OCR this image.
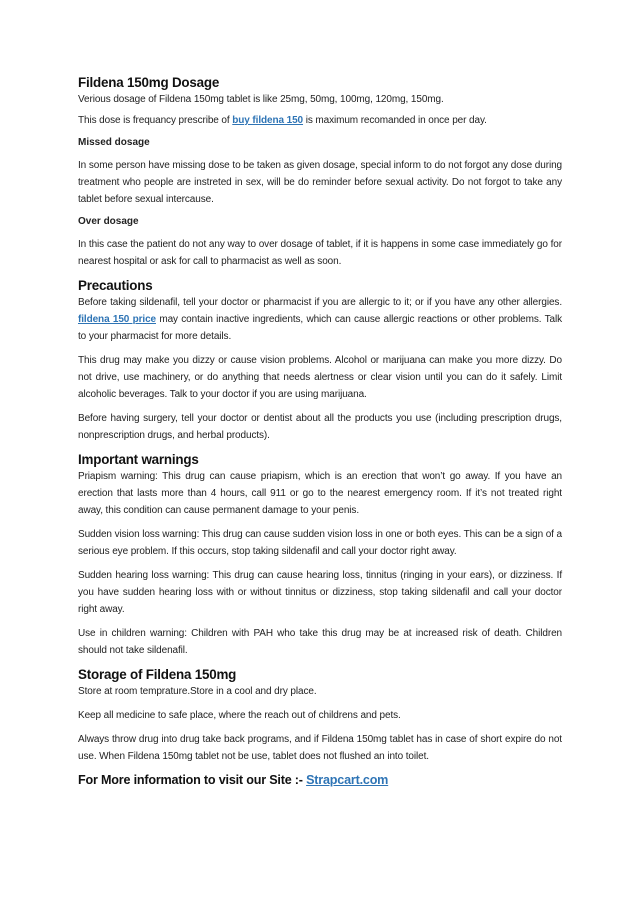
Fildena 150mg Dosage

Verious dosage of Fildena 150mg tablet is like 25mg, 50mg, 100mg, 120mg, 150mg.

This dose is frequancy prescribe of buy fildena 150 is maximum recomanded in once per day.

Missed dosage

In some person have missing dose to be taken as given dosage, special inform to do not forgot any dose during treatment who people are instreted in sex, will be do reminder before sexual activity. Do not forgot to take any tablet before sexual intercause.

Over dosage

In this case the patient do not any way to over dosage of tablet, if it is happens in some case immediately go for nearest hospital or ask for call to pharmacist as well as soon.

Precautions

Before taking sildenafil, tell your doctor or pharmacist if you are allergic to it; or if you have any other allergies. fildena 150 price may contain inactive ingredients, which can cause allergic reactions or other problems. Talk to your pharmacist for more details.

This drug may make you dizzy or cause vision problems. Alcohol or marijuana can make you more dizzy. Do not drive, use machinery, or do anything that needs alertness or clear vision until you can do it safely. Limit alcoholic beverages. Talk to your doctor if you are using marijuana.

Before having surgery, tell your doctor or dentist about all the products you use (including prescription drugs, nonprescription drugs, and herbal products).

Important warnings

Priapism warning: This drug can cause priapism, which is an erection that won’t go away. If you have an erection that lasts more than 4 hours, call 911 or go to the nearest emergency room. If it’s not treated right away, this condition can cause permanent damage to your penis.

Sudden vision loss warning: This drug can cause sudden vision loss in one or both eyes. This can be a sign of a serious eye problem. If this occurs, stop taking sildenafil and call your doctor right away.

Sudden hearing loss warning: This drug can cause hearing loss, tinnitus (ringing in your ears), or dizziness. If you have sudden hearing loss with or without tinnitus or dizziness, stop taking sildenafil and call your doctor right away.

Use in children warning: Children with PAH who take this drug may be at increased risk of death. Children should not take sildenafil.

Storage of Fildena 150mg

Store at room temprature.Store in a cool and dry place.

Keep all medicine to safe place, where the reach out of childrens and pets.

Always throw drug into drug take back programs, and if Fildena 150mg tablet has in case of short expire do not use. When Fildena 150mg tablet not be use, tablet does not flushed an into toilet.

For More information to visit our Site :- Strapcart.com
